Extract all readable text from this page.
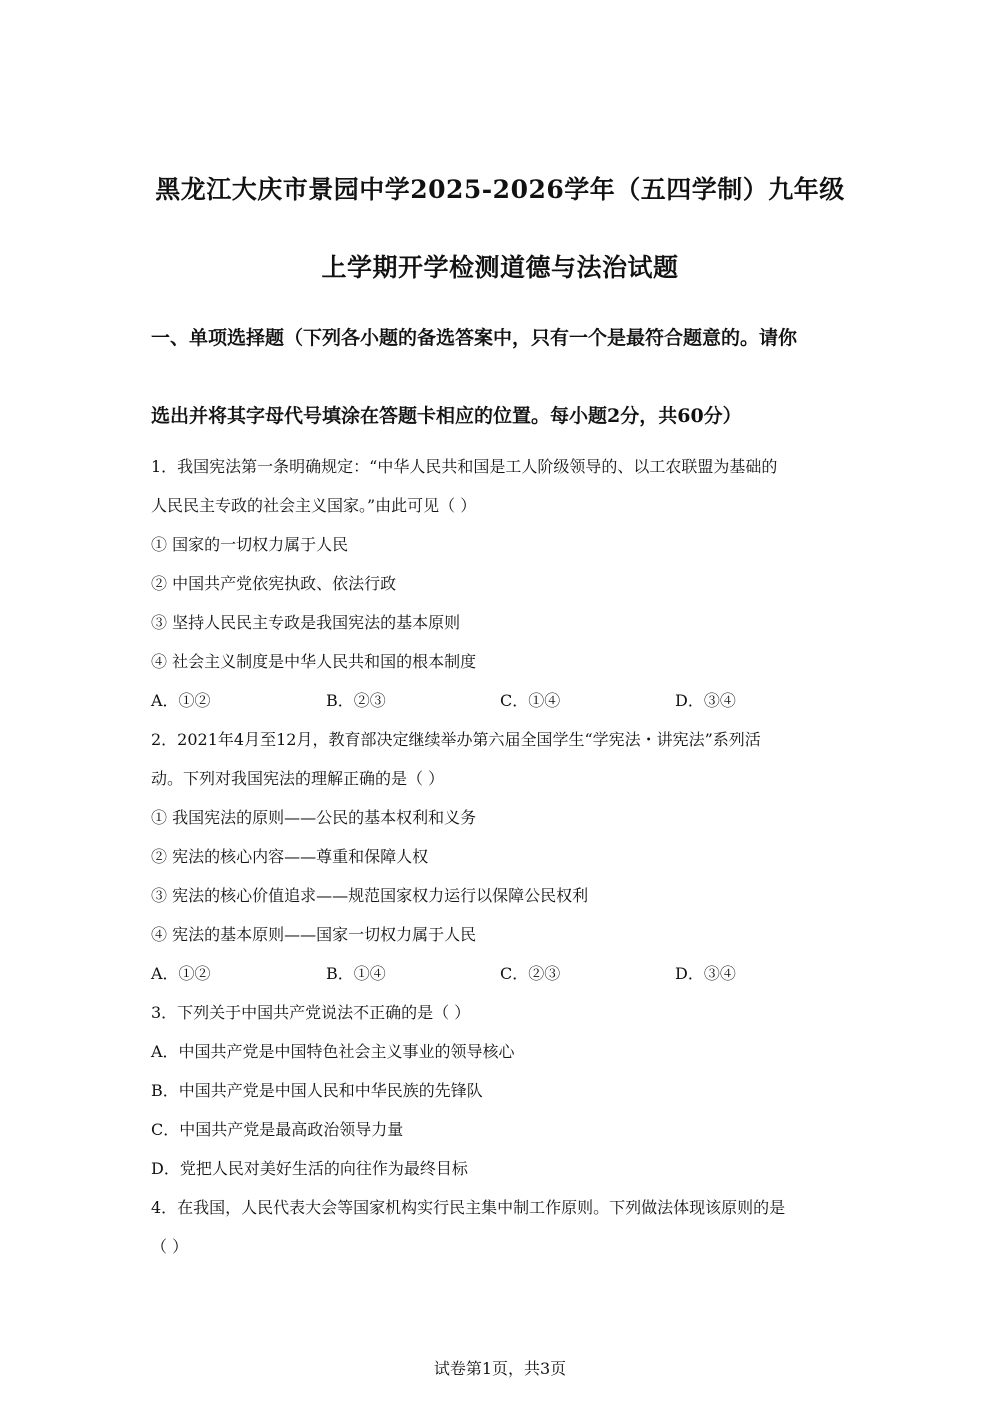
黑龙江大庆市景园中学2025-2026学年（五四学制）九年级
上学期开学检测道德与法治试题
一、单项选择题（下列各小题的备选答案中，只有一个是最符合题意的。请你
选出并将其字母代号填涂在答题卡相应的位置。每小题2分，共60分）
1．我国宪法第一条明确规定：“中华人民共和国是工人阶级领导的、以工农联盟为基础的
人民民主专政的社会主义国家。”由此可见（ ）
① 国家的一切权力属于人民
② 中国共产党依宪执政、依法行政
③ 坚持人民民主专政是我国宪法的基本原则
④ 社会主义制度是中华人民共和国的根本制度
A．①②	B．②③	C．①④	D．③④
2．2021年4月至12月，教育部决定继续举办第六届全国学生“学宪法・讲宪法”系列活
动。下列对我国宪法的理解正确的是（ ）
① 我国宪法的原则——公民的基本权利和义务
② 宪法的核心内容——尊重和保障人权
③ 宪法的核心价值追求——规范国家权力运行以保障公民权利
④ 宪法的基本原则——国家一切权力属于人民
A．①②	B．①④	C．②③	D．③④
3．下列关于中国共产党说法不正确的是（ ）
A．中国共产党是中国特色社会主义事业的领导核心
B．中国共产党是中国人民和中华民族的先锋队
C．中国共产党是最高政治领导力量
D．党把人民对美好生活的向往作为最终目标
4．在我国，人民代表大会等国家机构实行民主集中制工作原则。下列做法体现该原则的是
（ ）
试卷第1页，共3页
